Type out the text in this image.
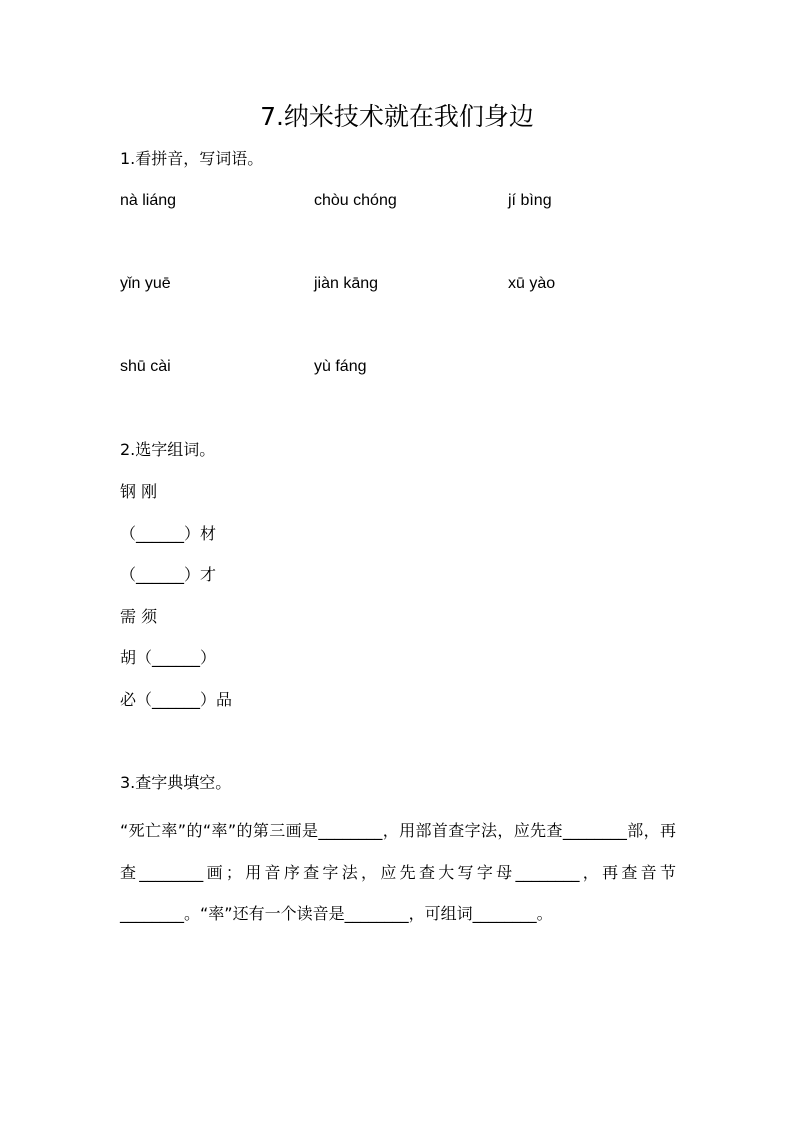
7.纳米技术就在我们身边
1.看拼音，写词语。
nà liáng	chòu chóng	jí bìng
yǐn yuē	jiàn kāng	xū yào
shū cài	yù fáng
2.选字组词。
钢 刚
（______）材
（______）才
需 须
胡（______）
必（______）品
3.查字典填空。
“死亡率”的“率”的第三画是________，用部首查字法，应先查________部，再查________画；用音序查字法，应先查大写字母________，再查音节________。“率”还有一个读音是________，可组词________。
